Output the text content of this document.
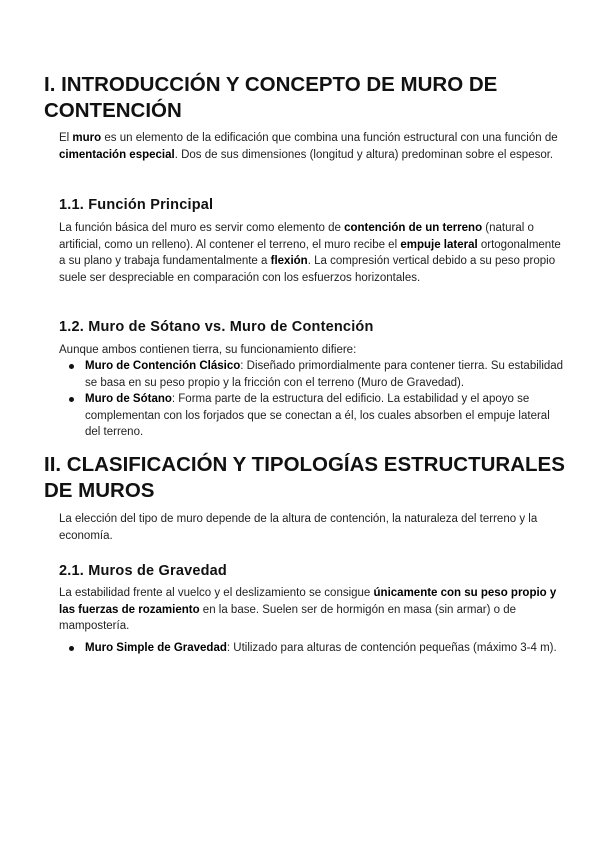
I. INTRODUCCIÓN Y CONCEPTO DE MURO DE CONTENCIÓN

El muro es un elemento de la edificación que combina una función estructural con una función de cimentación especial. Dos de sus dimensiones (longitud y altura) predominan sobre el espesor.

1.1. Función Principal

La función básica del muro es servir como elemento de contención de un terreno (natural o artificial, como un relleno). Al contener el terreno, el muro recibe el empuje lateral ortogonalmente a su plano y trabaja fundamentalmente a flexión. La compresión vertical debido a su peso propio suele ser despreciable en comparación con los esfuerzos horizontales.

1.2. Muro de Sótano vs. Muro de Contención

Aunque ambos contienen tierra, su funcionamiento difiere:

Muro de Contención Clásico: Diseñado primordialmente para contener tierra. Su estabilidad se basa en su peso propio y la fricción con el terreno (Muro de Gravedad).
Muro de Sótano: Forma parte de la estructura del edificio. La estabilidad y el apoyo se complementan con los forjados que se conectan a él, los cuales absorben el empuje lateral del terreno.
II. CLASIFICACIÓN Y TIPOLOGÍAS ESTRUCTURALES DE MUROS

La elección del tipo de muro depende de la altura de contención, la naturaleza del terreno y la economía.

2.1. Muros de Gravedad

La estabilidad frente al vuelco y el deslizamiento se consigue únicamente con su peso propio y las fuerzas de rozamiento en la base. Suelen ser de hormigón en masa (sin armar) o de mampostería.

Muro Simple de Gravedad: Utilizado para alturas de contención pequeñas (máximo 3-4 m).
